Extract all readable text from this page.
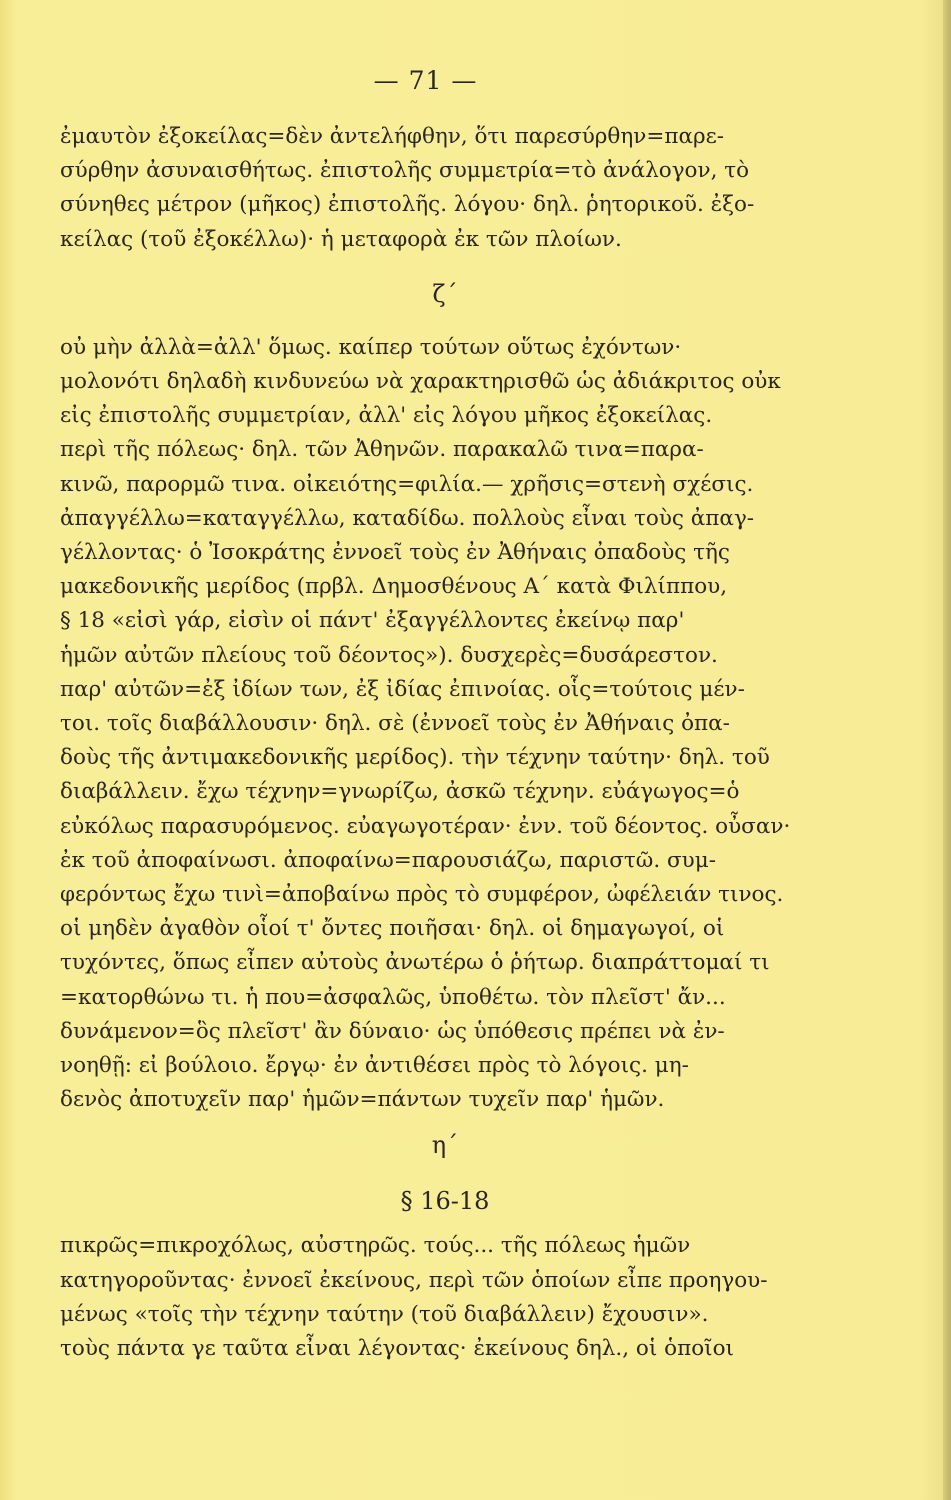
— 71 —

ἐμαυτὸν ἐξοκείλας=δὲν ἀντελήφθην, ὅτι παρεσύρθην=παρε-
σύρθην ἀσυναισθήτως. ἐπιστολῆς συμμετρία=τὸ ἀνάλογον, τὸ
σύνηθες μέτρον (μῆκος) ἐπιστολῆς. λόγου· δηλ. ῥητορικοῦ. ἐξο-
κείλας (τοῦ ἐξοκέλλω)· ἡ μεταφορὰ ἐκ τῶν πλοίων.

ζ΄

οὐ μὴν ἀλλὰ=ἀλλ' ὅμως. καίπερ τούτων οὕτως ἐχόντων·
μολονότι δηλαδὴ κινδυνεύω νὰ χαρακτηρισθῶ ὡς ἀδιάκριτος οὐκ
εἰς ἐπιστολῆς συμμετρίαν, ἀλλ' εἰς λόγου μῆκος ἐξοκείλας.
περὶ τῆς πόλεως· δηλ. τῶν Ἀθηνῶν. παρακαλῶ τινα=παρα-
κινῶ, παρορμῶ τινα. οἰκειότης=φιλία.— χρῆσις=στενὴ σχέσις.
ἀπαγγέλλω=καταγγέλλω, καταδίδω. πολλοὺς εἶναι τοὺς ἀπαγ-
γέλλοντας· ὁ Ἰσοκράτης ἐννοεῖ τοὺς ἐν Ἀθήναις ὀπαδοὺς τῆς
μακεδονικῆς μερίδος (πρβλ. Δημοσθένους Α΄ κατὰ Φιλίππου,
§ 18 «εἰσὶ γάρ, εἰσὶν οἱ πάντ' ἐξαγγέλλοντες ἐκείνῳ παρ'
ἡμῶν αὐτῶν πλείους τοῦ δέοντος»). δυσχερὲς=δυσάρεστον.
παρ' αὐτῶν=ἐξ ἰδίων των, ἐξ ἰδίας ἐπινοίας. οἷς=τούτοις μέν-
τοι. τοῖς διαβάλλουσιν· δηλ. σὲ (ἐννοεῖ τοὺς ἐν Ἀθήναις ὀπα-
δοὺς τῆς ἀντιμακεδονικῆς μερίδος). τὴν τέχνην ταύτην· δηλ. τοῦ
διαβάλλειν. ἔχω τέχνην=γνωρίζω, ἀσκῶ τέχνην. εὐάγωγος=ὁ
εὐκόλως παρασυρόμενος. εὐαγωγοτέραν· ἐνν. τοῦ δέοντος. οὖσαν·
ἐκ τοῦ ἀποφαίνωσι. ἀποφαίνω=παρουσιάζω, παριστῶ. συμ-
φερόντως ἔχω τινὶ=ἀποβαίνω πρὸς τὸ συμφέρον, ὠφέλειάν τινος.
οἱ μηδὲν ἀγαθὸν οἷοί τ' ὄντες ποιῆσαι· δηλ. οἱ δημαγωγοί, οἱ
τυχόντες, ὅπως εἶπεν αὐτοὺς ἀνωτέρω ὁ ῥήτωρ. διαπράττομαί τι
=κατορθώνω τι. ἡ που=ἀσφαλῶς, ὑποθέτω. τὸν πλεῖστ' ἄν...
δυνάμενον=ὃς πλεῖστ' ἂν δύναιο· ὡς ὑπόθεσις πρέπει νὰ ἐν-
νοηθῇ: εἰ βούλοιο. ἔργῳ· ἐν ἀντιθέσει πρὸς τὸ λόγοις. μη-
δενὸς ἀποτυχεῖν παρ' ἡμῶν=πάντων τυχεῖν παρ' ἡμῶν.

η΄
§ 16-18

πικρῶς=πικροχόλως, αὐστηρῶς. τούς... τῆς πόλεως ἡμῶν
κατηγοροῦντας· ἐννοεῖ ἐκείνους, περὶ τῶν ὁποίων εἶπε προηγου-
μένως «τοῖς τὴν τέχνην ταύτην (τοῦ διαβάλλειν) ἔχουσιν».
τοὺς πάντα γε ταῦτα εἶναι λέγοντας· ἐκείνους δηλ., οἱ ὁποῖοι
